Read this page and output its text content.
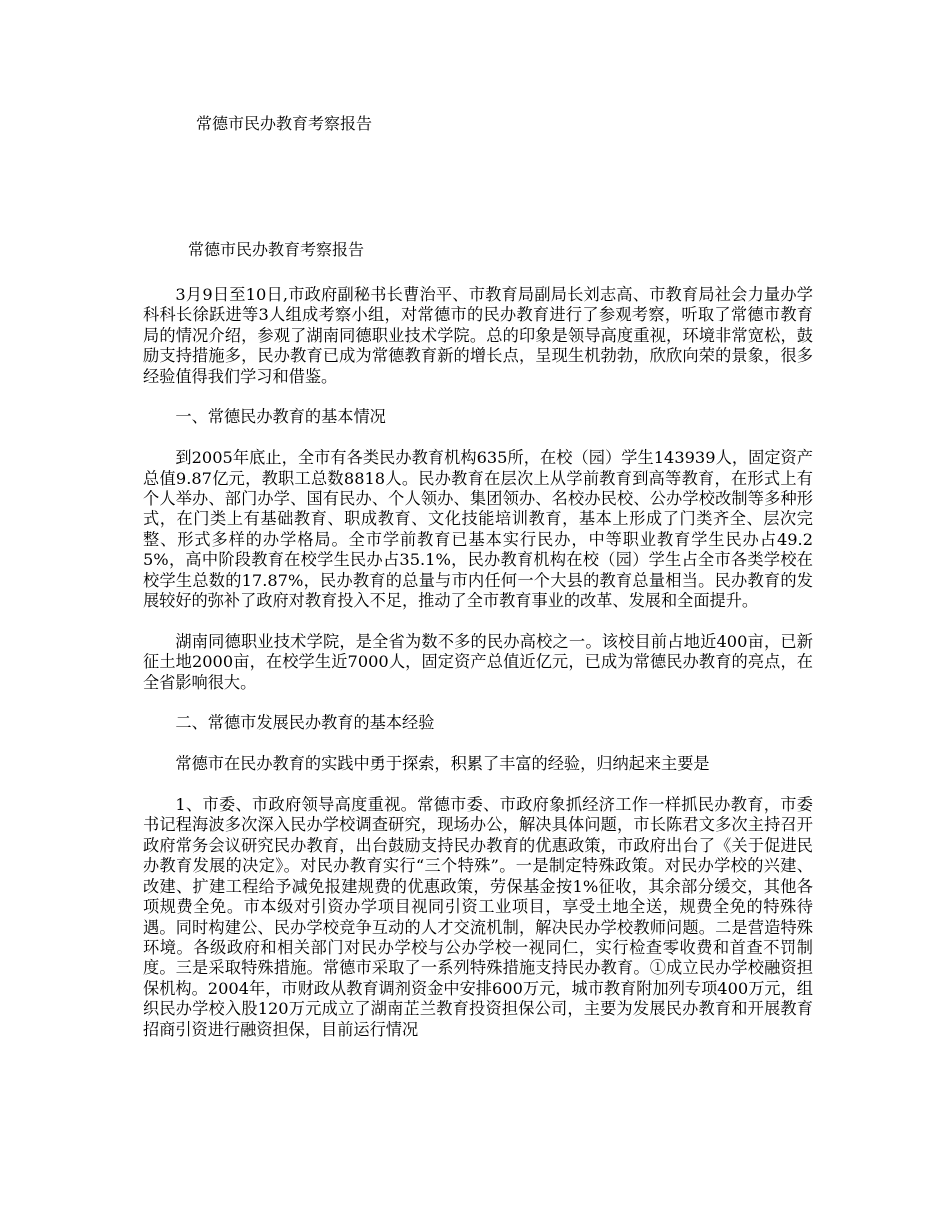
常德市民办教育考察报告
常德市民办教育考察报告

3月9日至10日,市政府副秘书长曹治平、市教育局副局长刘志高、市教育局社会力量办学科科长徐跃进等3人组成考察小组，对常德市的民办教育进行了参观考察，听取了常德市教育局的情况介绍，参观了湖南同德职业技术学院。总的印象是领导高度重视，环境非常宽松，鼓励支持措施多，民办教育已成为常德教育新的增长点，呈现生机勃勃，欣欣向荣的景象，很多经验值得我们学习和借鉴。

一、常德民办教育的基本情况

到2005年底止，全市有各类民办教育机构635所，在校（园）学生143939人，固定资产总值9.87亿元，教职工总数8818人。民办教育在层次上从学前教育到高等教育，在形式上有个人举办、部门办学、国有民办、个人领办、集团领办、名校办民校、公办学校改制等多种形式，在门类上有基础教育、职成教育、文化技能培训教育，基本上形成了门类齐全、层次完整、形式多样的办学格局。全市学前教育已基本实行民办，中等职业教育学生民办占49.25%，高中阶段教育在校学生民办占35.1%，民办教育机构在校（园）学生占全市各类学校在校学生总数的17.87%，民办教育的总量与市内任何一个大县的教育总量相当。民办教育的发展较好的弥补了政府对教育投入不足，推动了全市教育事业的改革、发展和全面提升。

湖南同德职业技术学院，是全省为数不多的民办高校之一。该校目前占地近400亩，已新征土地2000亩，在校学生近7000人，固定资产总值近亿元，已成为常德民办教育的亮点，在全省影响很大。

二、常德市发展民办教育的基本经验

常德市在民办教育的实践中勇于探索，积累了丰富的经验，归纳起来主要是

1、市委、市政府领导高度重视。常德市委、市政府象抓经济工作一样抓民办教育，市委书记程海波多次深入民办学校调查研究，现场办公，解决具体问题，市长陈君文多次主持召开政府常务会议研究民办教育，出台鼓励支持民办教育的优惠政策，市政府出台了《关于促进民办教育发展的决定》。对民办教育实行“三个特殊”。一是制定特殊政策。对民办学校的兴建、改建、扩建工程给予减免报建规费的优惠政策，劳保基金按1%征收，其余部分缓交，其他各项规费全免。市本级对引资办学项目视同引资工业项目，享受土地全送，规费全免的特殊待遇。同时构建公、民办学校竞争互动的人才交流机制，解决民办学校教师问题。二是营造特殊环境。各级政府和相关部门对民办学校与公办学校一视同仁，实行检查零收费和首查不罚制度。三是采取特殊措施。常德市采取了一系列特殊措施支持民办教育。①成立民办学校融资担保机构。2004年，市财政从教育调剂资金中安排600万元，城市教育附加列专项400万元，组织民办学校入股120万元成立了湖南芷兰教育投资担保公司，主要为发展民办教育和开展教育招商引资进行融资担保，目前运行情况
